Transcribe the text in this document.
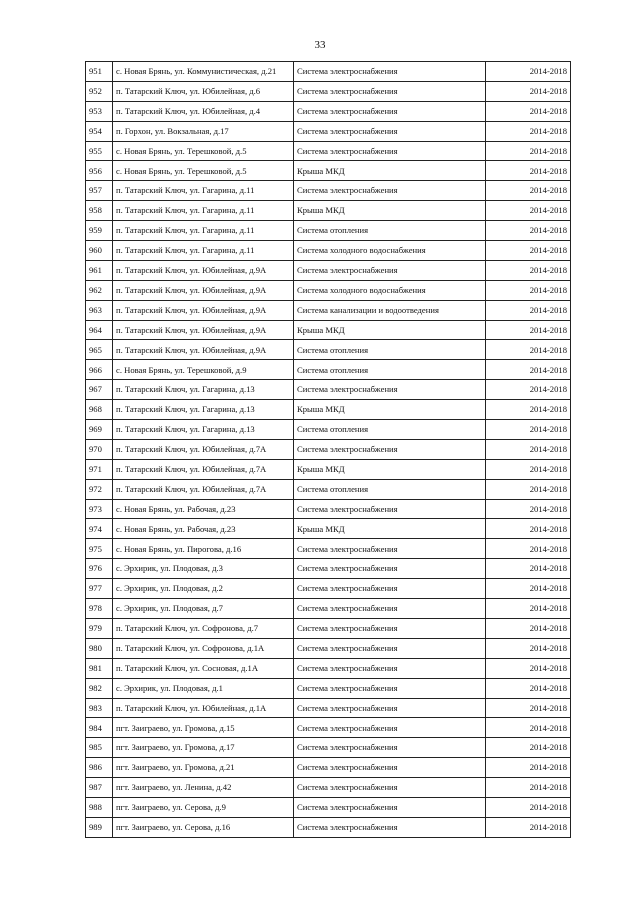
33
951	с. Новая Брянь, ул. Коммунистическая, д.21	Система электроснабжения	2014-2018
952	п. Татарский Ключ, ул. Юбилейная, д.6	Система электроснабжения	2014-2018
953	п. Татарский Ключ, ул. Юбилейная, д.4	Система электроснабжения	2014-2018
954	п. Горхон, ул. Вокзальная, д.17	Система электроснабжения	2014-2018
955	с. Новая Брянь, ул. Терешковой, д.5	Система электроснабжения	2014-2018
956	с. Новая Брянь, ул. Терешковой, д.5	Крыша МКД	2014-2018
957	п. Татарский Ключ, ул. Гагарина, д.11	Система электроснабжения	2014-2018
958	п. Татарский Ключ, ул. Гагарина, д.11	Крыша МКД	2014-2018
959	п. Татарский Ключ, ул. Гагарина, д.11	Система отопления	2014-2018
960	п. Татарский Ключ, ул. Гагарина, д.11	Система холодного водоснабжения	2014-2018
961	п. Татарский Ключ, ул. Юбилейная, д.9А	Система электроснабжения	2014-2018
962	п. Татарский Ключ, ул. Юбилейная, д.9А	Система холодного водоснабжения	2014-2018
963	п. Татарский Ключ, ул. Юбилейная, д.9А	Система канализации и водоотведения	2014-2018
964	п. Татарский Ключ, ул. Юбилейная, д.9А	Крыша МКД	2014-2018
965	п. Татарский Ключ, ул. Юбилейная, д.9А	Система отопления	2014-2018
966	с. Новая Брянь, ул. Терешковой, д.9	Система отопления	2014-2018
967	п. Татарский Ключ, ул. Гагарина, д.13	Система электроснабжения	2014-2018
968	п. Татарский Ключ, ул. Гагарина, д.13	Крыша МКД	2014-2018
969	п. Татарский Ключ, ул. Гагарина, д.13	Система отопления	2014-2018
970	п. Татарский Ключ, ул. Юбилейная, д.7А	Система электроснабжения	2014-2018
971	п. Татарский Ключ, ул. Юбилейная, д.7А	Крыша МКД	2014-2018
972	п. Татарский Ключ, ул. Юбилейная, д.7А	Система отопления	2014-2018
973	с. Новая Брянь, ул. Рабочая, д.23	Система электроснабжения	2014-2018
974	с. Новая Брянь, ул. Рабочая, д.23	Крыша МКД	2014-2018
975	с. Новая Брянь, ул. Пирогова, д.16	Система электроснабжения	2014-2018
976	с. Эрхирик, ул. Плодовая, д.3	Система электроснабжения	2014-2018
977	с. Эрхирик, ул. Плодовая, д.2	Система электроснабжения	2014-2018
978	с. Эрхирик, ул. Плодовая, д.7	Система электроснабжения	2014-2018
979	п. Татарский Ключ, ул. Софронова, д.7	Система электроснабжения	2014-2018
980	п. Татарский Ключ, ул. Софронова, д.1А	Система электроснабжения	2014-2018
981	п. Татарский Ключ, ул. Сосновая, д.1А	Система электроснабжения	2014-2018
982	с. Эрхирик, ул. Плодовая, д.1	Система электроснабжения	2014-2018
983	п. Татарский Ключ, ул. Юбилейная, д.1А	Система электроснабжения	2014-2018
984	пгт. Заиграево, ул. Громова, д.15	Система электроснабжения	2014-2018
985	пгт. Заиграево, ул. Громова, д.17	Система электроснабжения	2014-2018
986	пгт. Заиграево, ул. Громова, д.21	Система электроснабжения	2014-2018
987	пгт. Заиграево, ул. Ленина, д.42	Система электроснабжения	2014-2018
988	пгт. Заиграево, ул. Серова, д.9	Система электроснабжения	2014-2018
989	пгт. Заиграево, ул. Серова, д.16	Система электроснабжения	2014-2018
